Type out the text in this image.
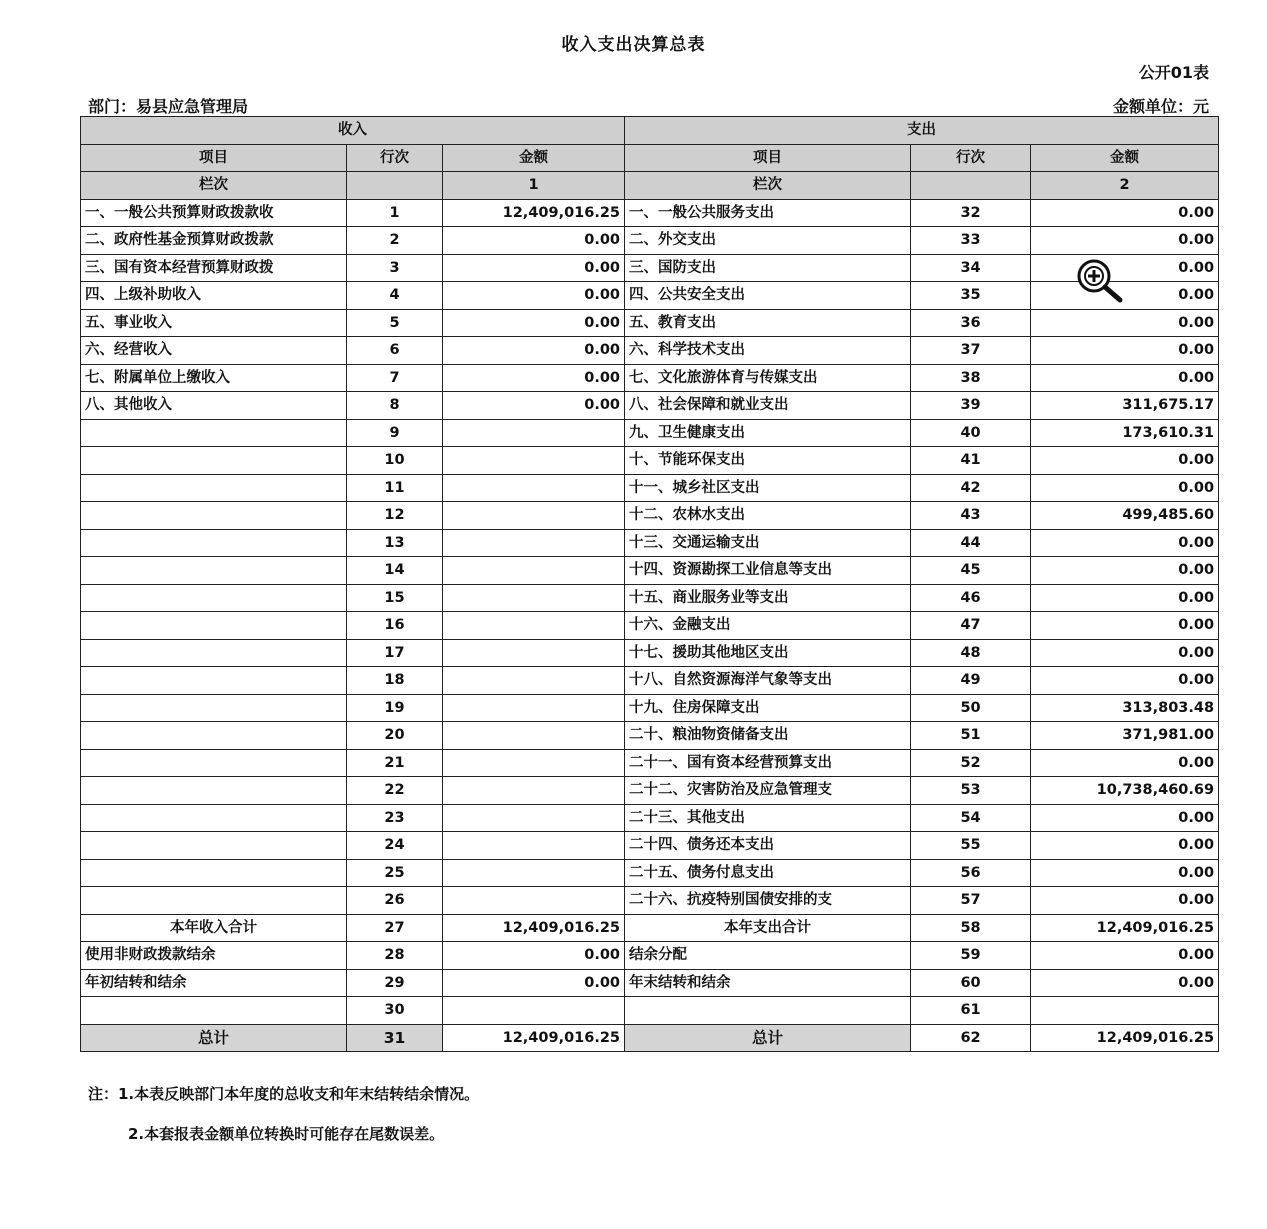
收入支出决算总表
公开01表
部门：易县应急管理局	金额单位：元
收入			支出		
项目	行次	金额	项目	行次	金额
栏次		1	栏次		2
一、一般公共预算财政拨款收	1	12,409,016.25	一、一般公共服务支出	32	0.00
二、政府性基金预算财政拨款	2	0.00	二、外交支出	33	0.00
三、国有资本经营预算财政拨	3	0.00	三、国防支出	34	0.00
四、上级补助收入	4	0.00	四、公共安全支出	35	0.00
五、事业收入	5	0.00	五、教育支出	36	0.00
六、经营收入	6	0.00	六、科学技术支出	37	0.00
七、附属单位上缴收入	7	0.00	七、文化旅游体育与传媒支出	38	0.00
八、其他收入	8	0.00	八、社会保障和就业支出	39	311,675.17
	9		九、卫生健康支出	40	173,610.31
	10		十、节能环保支出	41	0.00
	11		十一、城乡社区支出	42	0.00
	12		十二、农林水支出	43	499,485.60
	13		十三、交通运输支出	44	0.00
	14		十四、资源勘探工业信息等支出	45	0.00
	15		十五、商业服务业等支出	46	0.00
	16		十六、金融支出	47	0.00
	17		十七、援助其他地区支出	48	0.00
	18		十八、自然资源海洋气象等支出	49	0.00
	19		十九、住房保障支出	50	313,803.48
	20		二十、粮油物资储备支出	51	371,981.00
	21		二十一、国有资本经营预算支出	52	0.00
	22		二十二、灾害防治及应急管理支	53	10,738,460.69
	23		二十三、其他支出	54	0.00
	24		二十四、债务还本支出	55	0.00
	25		二十五、债务付息支出	56	0.00
	26		二十六、抗疫特别国债安排的支	57	0.00
本年收入合计	27	12,409,016.25	本年支出合计	58	12,409,016.25
使用非财政拨款结余	28	0.00	结余分配	59	0.00
年初结转和结余	29	0.00	年末结转和结余	60	0.00
	30			61	
总计	31	12,409,016.25	总计	62	12,409,016.25
注：1.本表反映部门本年度的总收支和年末结转结余情况。
2.本套报表金额单位转换时可能存在尾数误差。
